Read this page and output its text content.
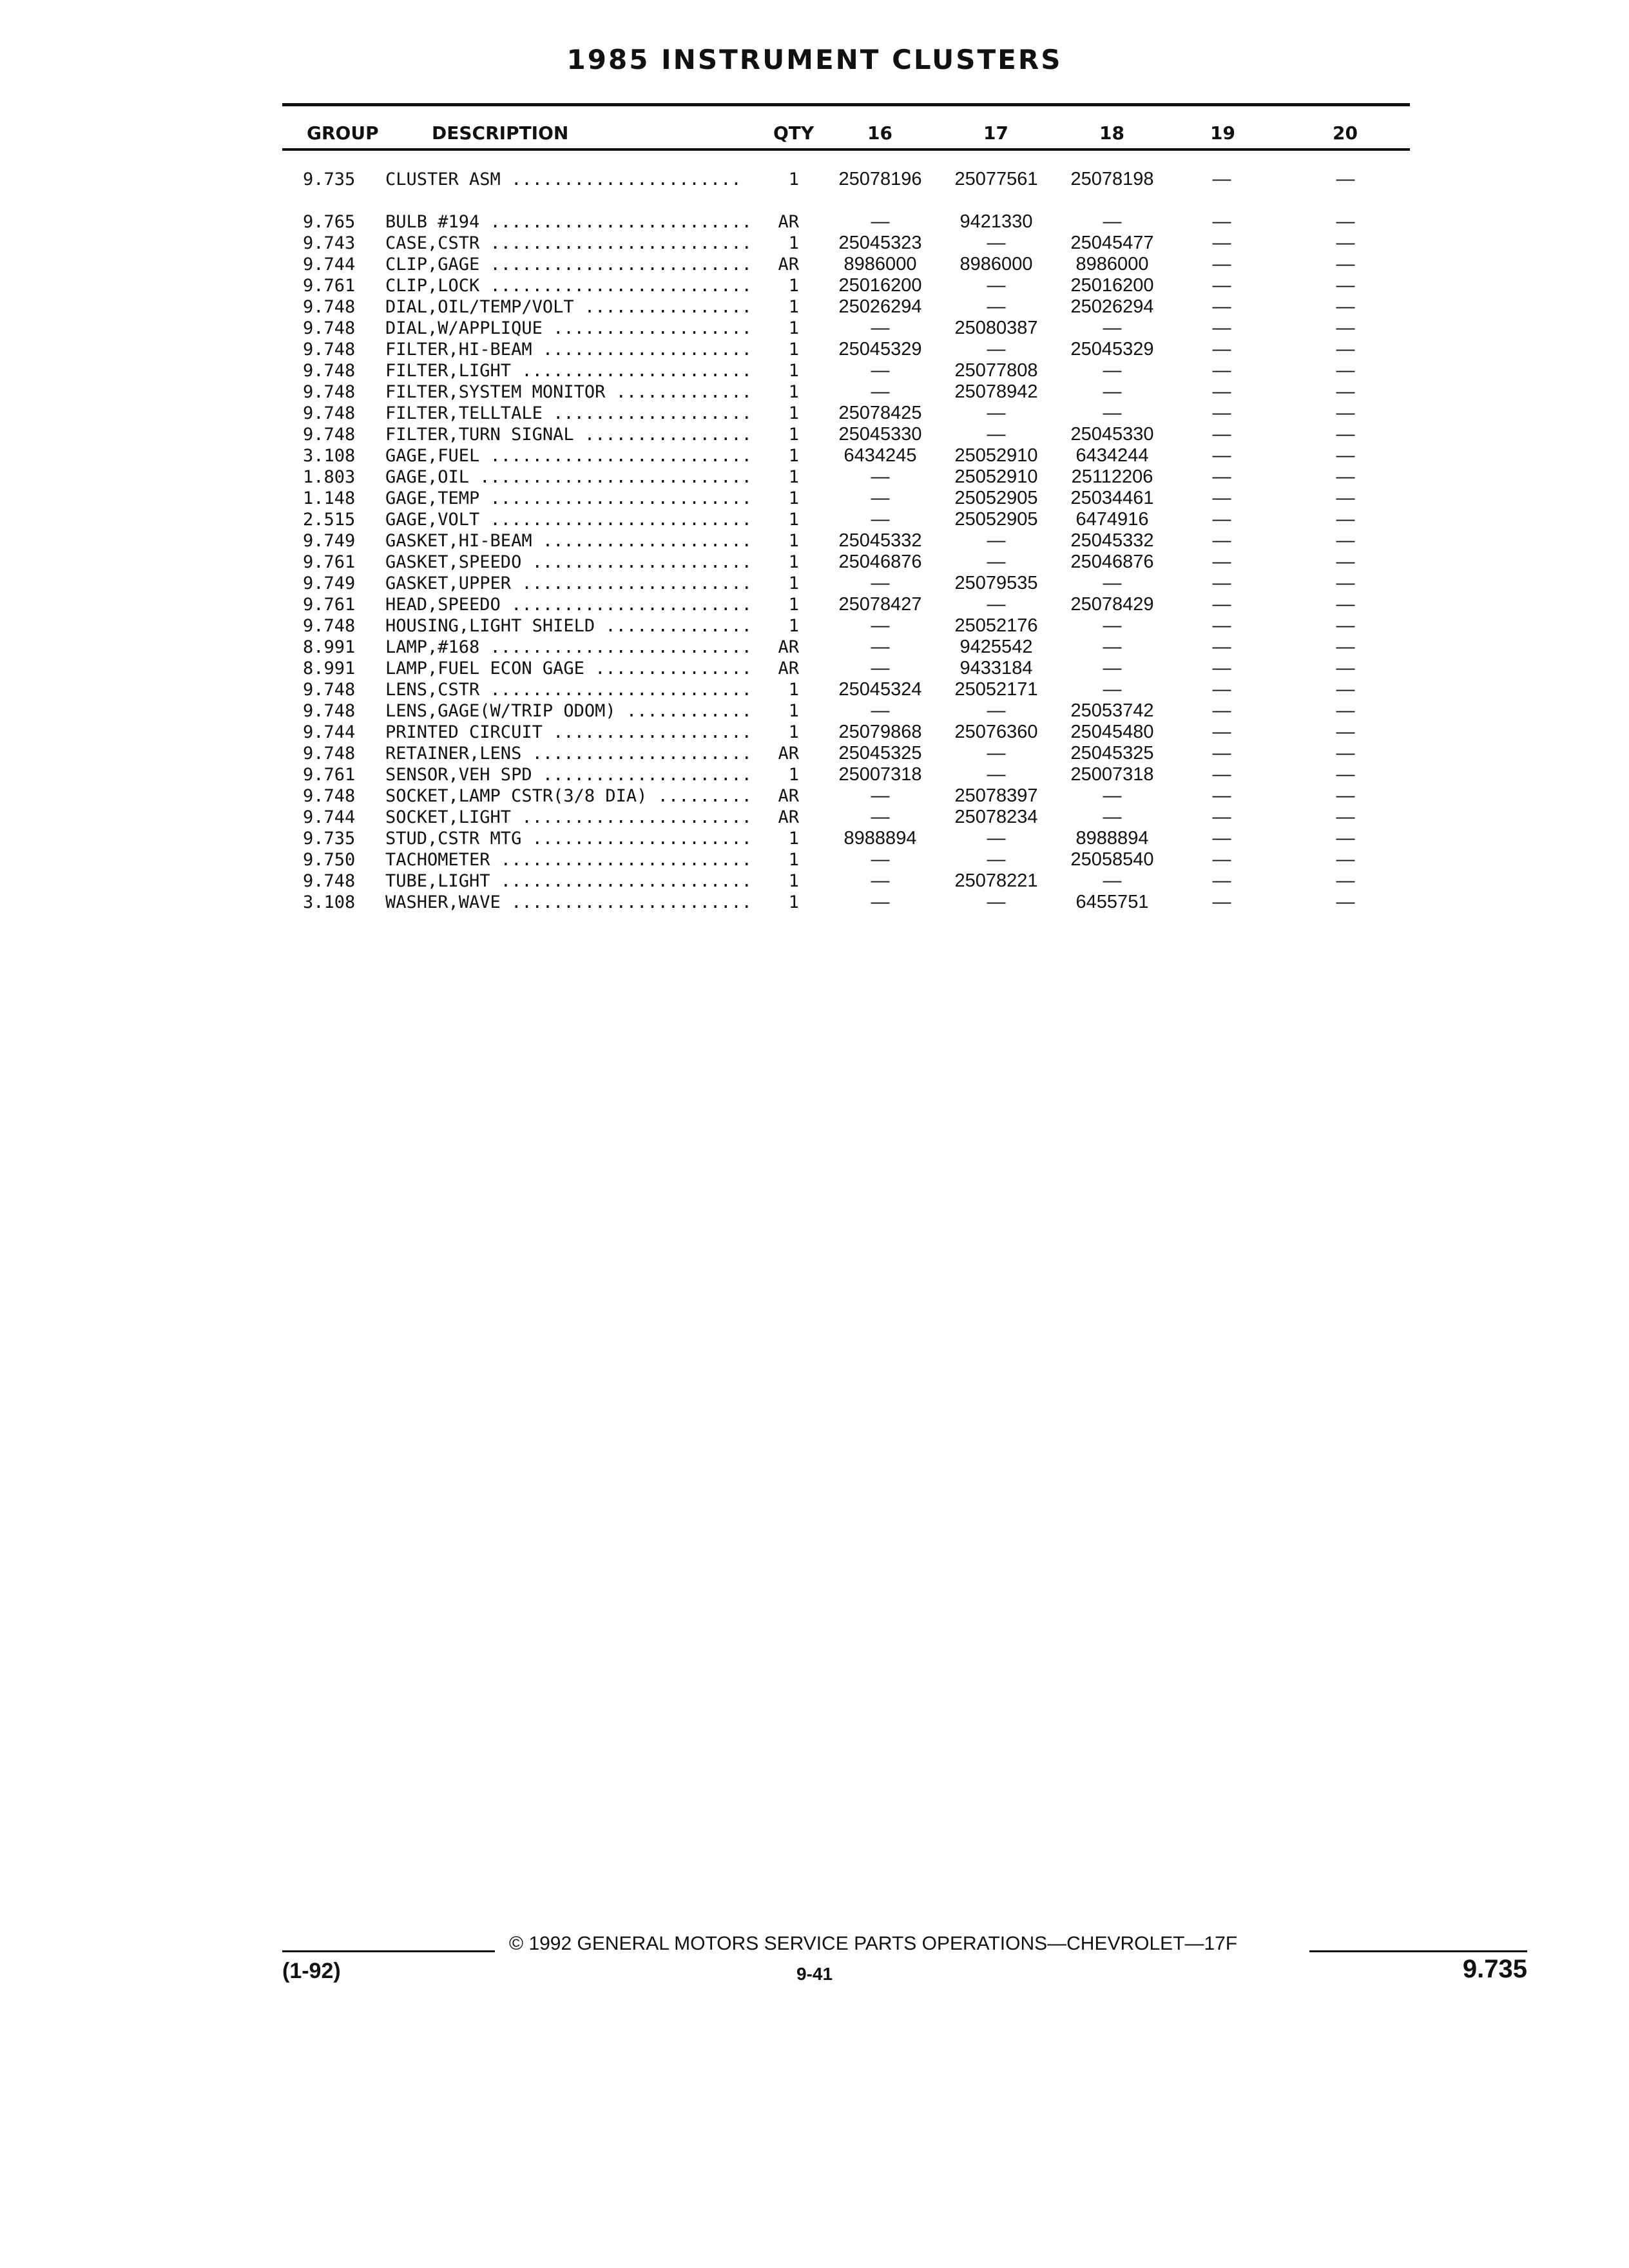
1985 INSTRUMENT CLUSTERS
GROUP	DESCRIPTION	QTY	16	17	18	19	20
9.735	CLUSTER ASM ......................	1	25078196	25077561	25078198	—	—
9.765	BULB #194 .........................	AR	—	9421330	—	—	—
9.743	CASE,CSTR .........................	1	25045323	—	25045477	—	—
9.744	CLIP,GAGE .........................	AR	8986000	8986000	8986000	—	—
9.761	CLIP,LOCK .........................	1	25016200	—	25016200	—	—
9.748	DIAL,OIL/TEMP/VOLT ................	1	25026294	—	25026294	—	—
9.748	DIAL,W/APPLIQUE ...................	1	—	25080387	—	—	—
9.748	FILTER,HI-BEAM ....................	1	25045329	—	25045329	—	—
9.748	FILTER,LIGHT ......................	1	—	25077808	—	—	—
9.748	FILTER,SYSTEM MONITOR .............	1	—	25078942	—	—	—
9.748	FILTER,TELLTALE ...................	1	25078425	—	—	—	—
9.748	FILTER,TURN SIGNAL ................	1	25045330	—	25045330	—	—
3.108	GAGE,FUEL .........................	1	6434245	25052910	6434244	—	—
1.803	GAGE,OIL ..........................	1	—	25052910	25112206	—	—
1.148	GAGE,TEMP .........................	1	—	25052905	25034461	—	—
2.515	GAGE,VOLT .........................	1	—	25052905	6474916	—	—
9.749	GASKET,HI-BEAM ....................	1	25045332	—	25045332	—	—
9.761	GASKET,SPEEDO .....................	1	25046876	—	25046876	—	—
9.749	GASKET,UPPER ......................	1	—	25079535	—	—	—
9.761	HEAD,SPEEDO .......................	1	25078427	—	25078429	—	—
9.748	HOUSING,LIGHT SHIELD ..............	1	—	25052176	—	—	—
8.991	LAMP,#168 .........................	AR	—	9425542	—	—	—
8.991	LAMP,FUEL ECON GAGE ...............	AR	—	9433184	—	—	—
9.748	LENS,CSTR .........................	1	25045324	25052171	—	—	—
9.748	LENS,GAGE(W/TRIP ODOM) ............	1	—	—	25053742	—	—
9.744	PRINTED CIRCUIT ...................	1	25079868	25076360	25045480	—	—
9.748	RETAINER,LENS .....................	AR	25045325	—	25045325	—	—
9.761	SENSOR,VEH SPD ....................	1	25007318	—	25007318	—	—
9.748	SOCKET,LAMP CSTR(3/8 DIA) .........	AR	—	25078397	—	—	—
9.744	SOCKET,LIGHT ......................	AR	—	25078234	—	—	—
9.735	STUD,CSTR MTG .....................	1	8988894	—	8988894	—	—
9.750	TACHOMETER ........................	1	—	—	25058540	—	—
9.748	TUBE,LIGHT ........................	1	—	25078221	—	—	—
3.108	WASHER,WAVE .......................	1	—	—	6455751	—	—
© 1992 GENERAL MOTORS SERVICE PARTS OPERATIONS—CHEVROLET—17F
(1-92)	9-41	9.735
